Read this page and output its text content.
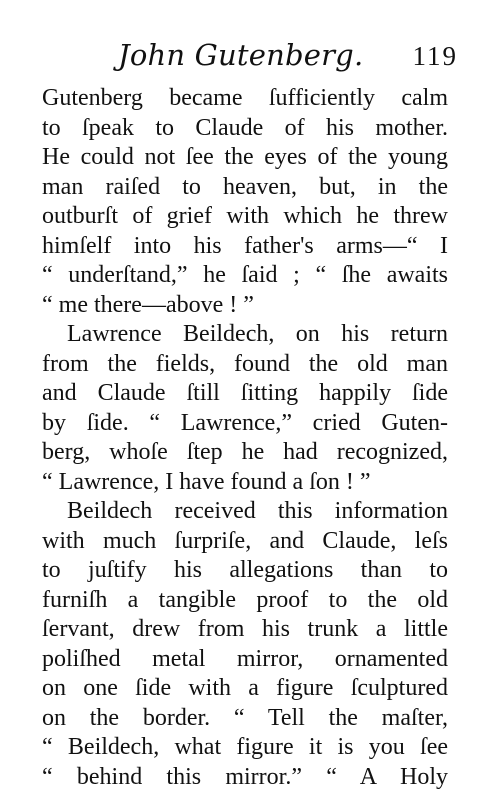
John Gutenberg. 119
Gutenberg became ſufficiently calm
to ſpeak to Claude of his mother.
He could not ſee the eyes of the young
man raiſed to heaven, but, in the
outburſt of grief with which he threw
himſelf into his father's arms—“ I
“ underſtand,” he ſaid ; “ ſhe awaits
“ me there—above ! ”
Lawrence Beildech, on his return
from the fields, found the old man
and Claude ſtill ſitting happily ſide
by ſide. “ Lawrence,” cried Guten-
berg, whoſe ſtep he had recognized,
“ Lawrence, I have found a ſon ! ”
Beildech received this information
with much ſurpriſe, and Claude, leſs
to juſtify his allegations than to
furniſh a tangible proof to the old
ſervant, drew from his trunk a little
poliſhed metal mirror, ornamented
on one ſide with a figure ſculptured
on the border. “ Tell the maſter,
“ Beildech, what figure it is you ſee
“ behind this mirror.” “ A Holy
